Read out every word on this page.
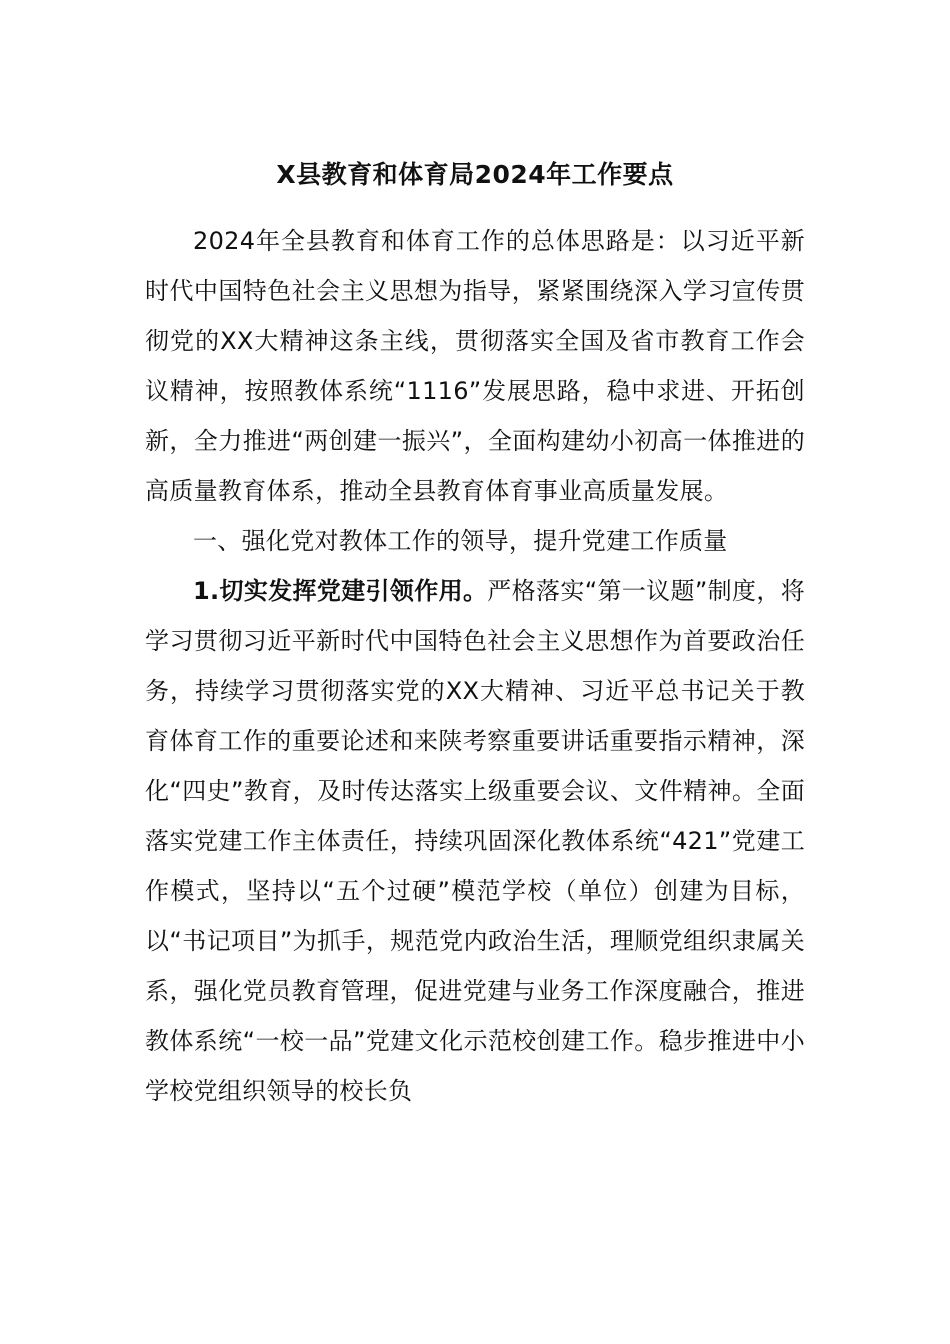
X县教育和体育局2024年工作要点

2024年全县教育和体育工作的总体思路是：以习近平新时代中国特色社会主义思想为指导，紧紧围绕深入学习宣传贯彻党的XX大精神这条主线，贯彻落实全国及省市教育工作会议精神，按照教体系统“1116”发展思路，稳中求进、开拓创新，全力推进“两创建一振兴”，全面构建幼小初高一体推进的高质量教育体系，推动全县教育体育事业高质量发展。

一、强化党对教体工作的领导，提升党建工作质量

1.切实发挥党建引领作用。严格落实“第一议题”制度，将学习贯彻习近平新时代中国特色社会主义思想作为首要政治任务，持续学习贯彻落实党的XX大精神、习近平总书记关于教育体育工作的重要论述和来陕考察重要讲话重要指示精神，深化“四史”教育，及时传达落实上级重要会议、文件精神。全面落实党建工作主体责任，持续巩固深化教体系统“421”党建工作模式，坚持以“五个过硬”模范学校（单位）创建为目标，以“书记项目”为抓手，规范党内政治生活，理顺党组织隶属关系，强化党员教育管理，促进党建与业务工作深度融合，推进教体系统“一校一品”党建文化示范校创建工作。稳步推进中小学校党组织领导的校长负
